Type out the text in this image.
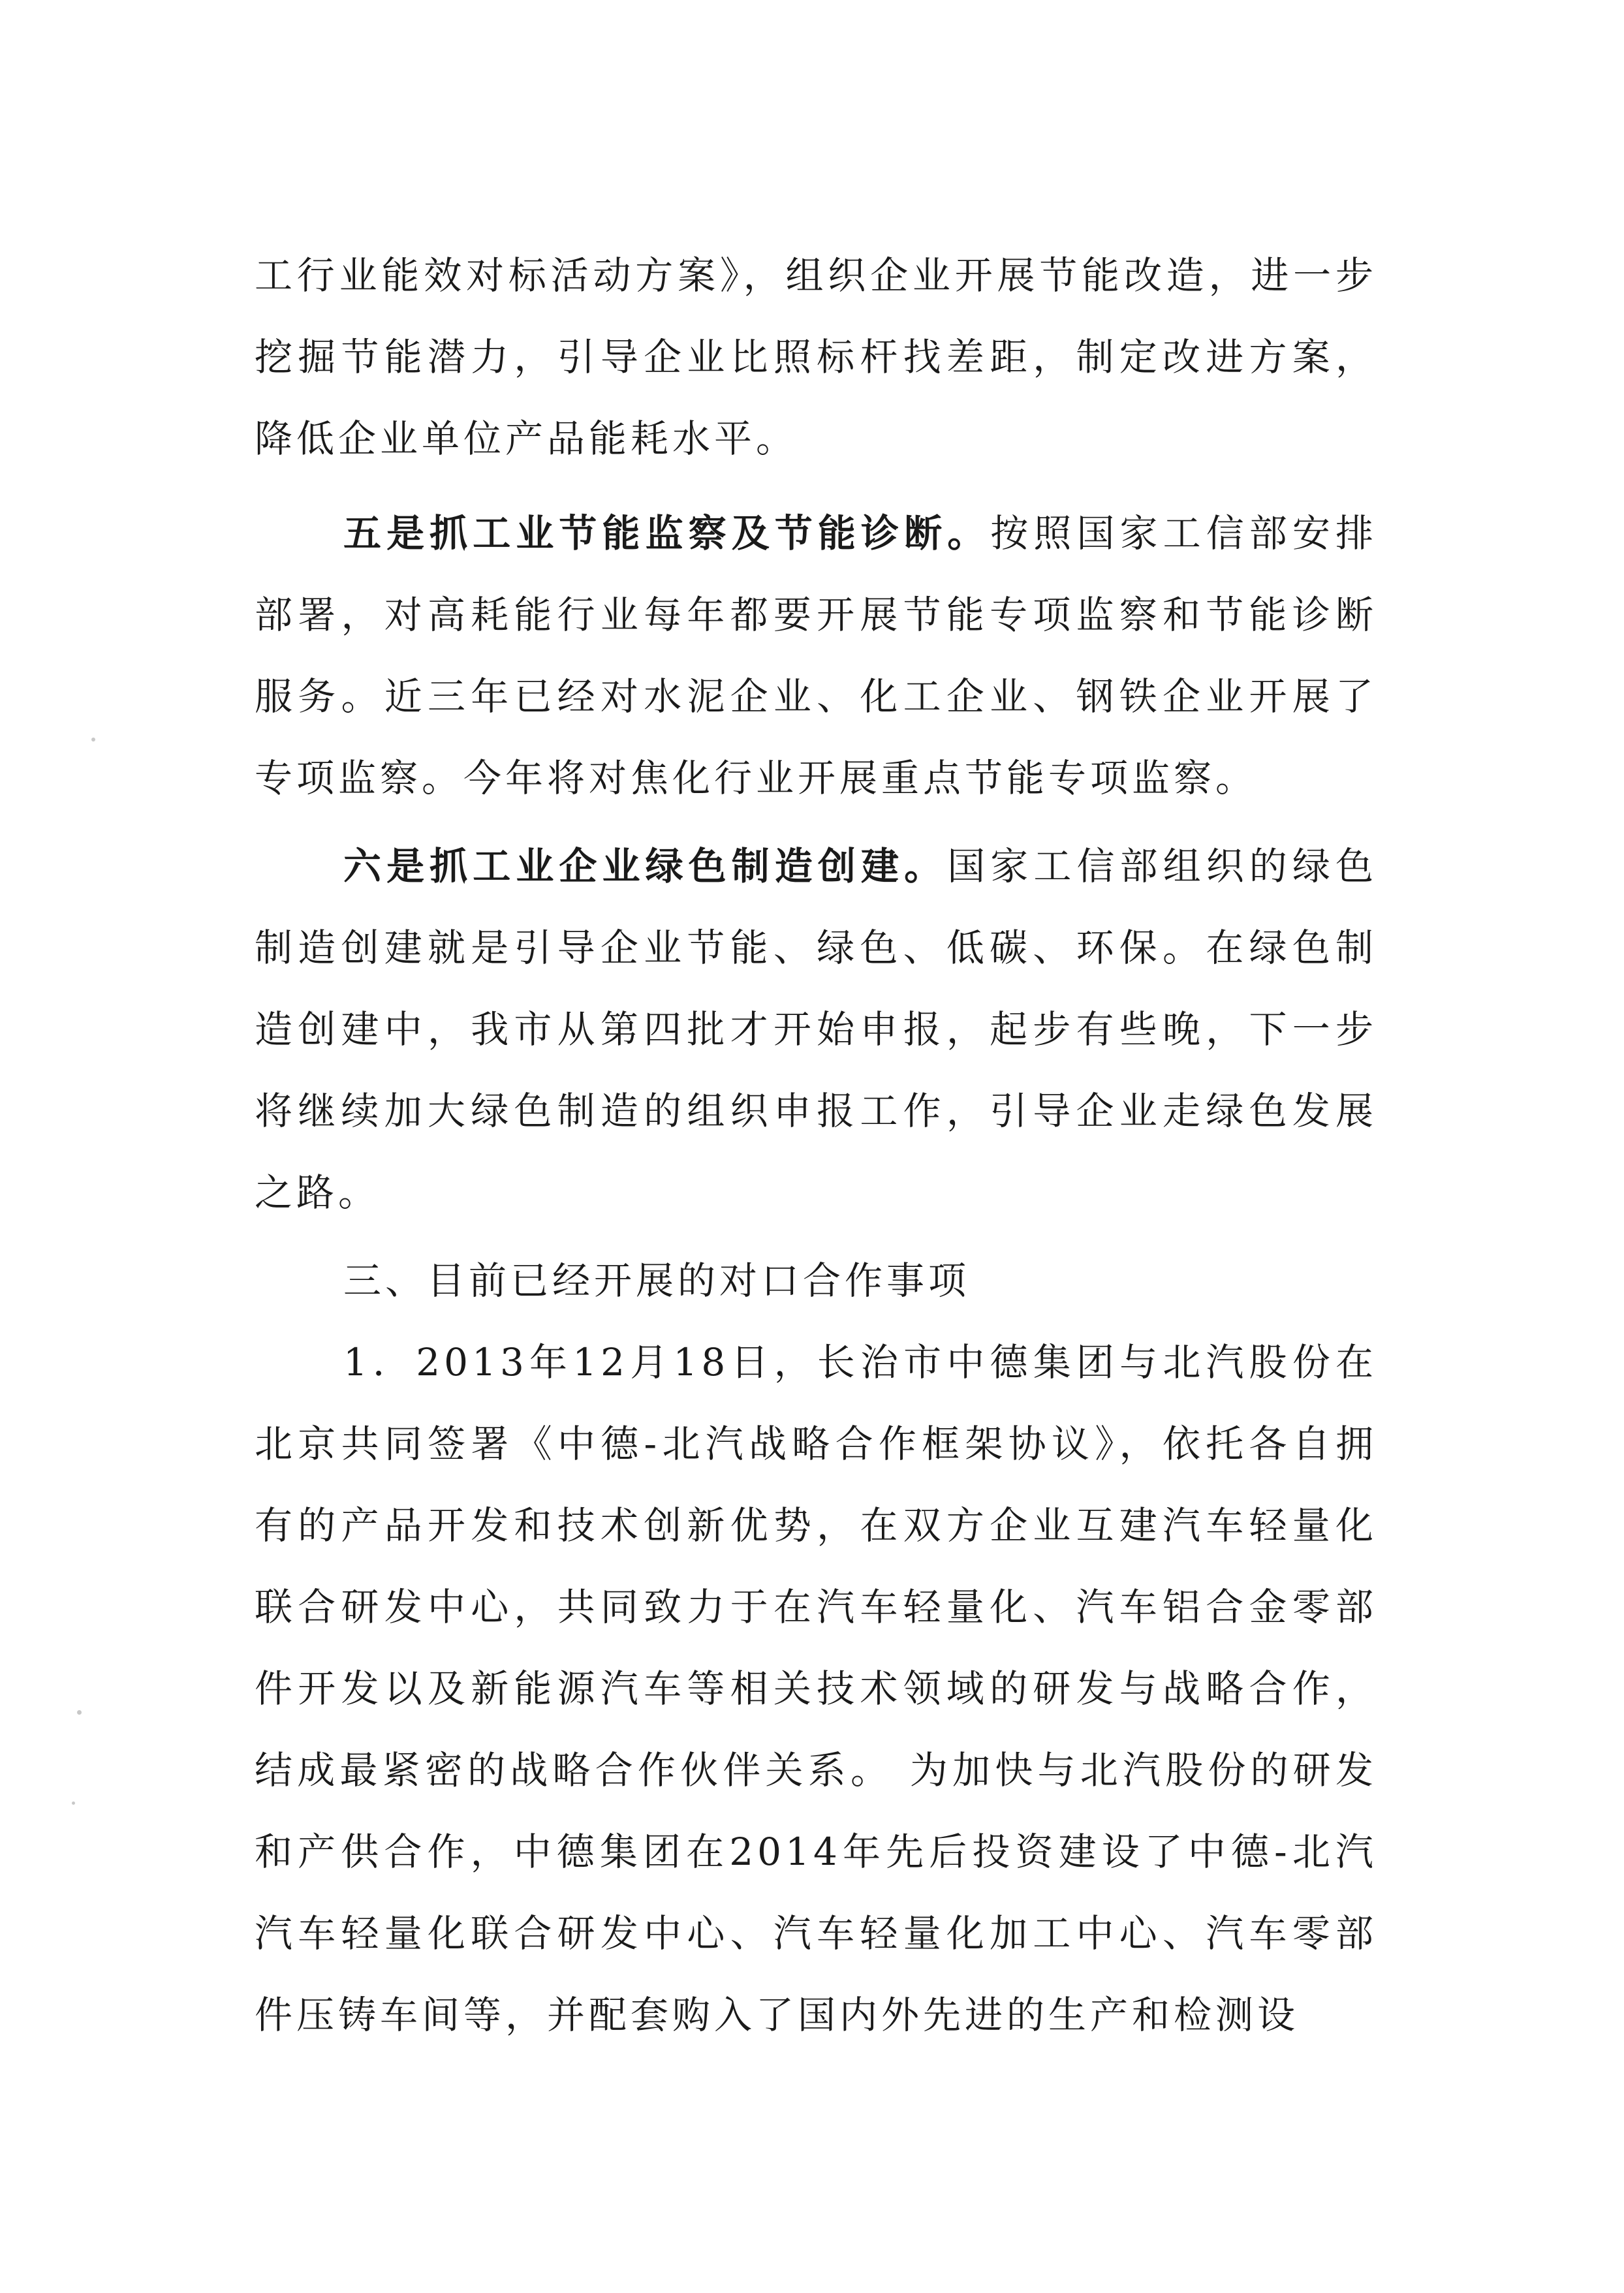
工行业能效对标活动方案》，组织企业开展节能改造，进一步挖掘节能潜力，引导企业比照标杆找差距，制定改进方案，降低企业单位产品能耗水平。

五是抓工业节能监察及节能诊断。按照国家工信部安排部署，对高耗能行业每年都要开展节能专项监察和节能诊断服务。近三年已经对水泥企业、化工企业、钢铁企业开展了专项监察。今年将对焦化行业开展重点节能专项监察。

六是抓工业企业绿色制造创建。国家工信部组织的绿色制造创建就是引导企业节能、绿色、低碳、环保。在绿色制造创建中，我市从第四批才开始申报，起步有些晚，下一步将继续加大绿色制造的组织申报工作，引导企业走绿色发展之路。

三、目前已经开展的对口合作事项

1．2013年12月18日，长治市中德集团与北汽股份在北京共同签署《中德-北汽战略合作框架协议》，依托各自拥有的产品开发和技术创新优势，在双方企业互建汽车轻量化联合研发中心，共同致力于在汽车轻量化、汽车铝合金零部件开发以及新能源汽车等相关技术领域的研发与战略合作，结成最紧密的战略合作伙伴关系。 为加快与北汽股份的研发和产供合作，中德集团在2014年先后投资建设了中德-北汽汽车轻量化联合研发中心、汽车轻量化加工中心、汽车零部件压铸车间等，并配套购入了国内外先进的生产和检测设
